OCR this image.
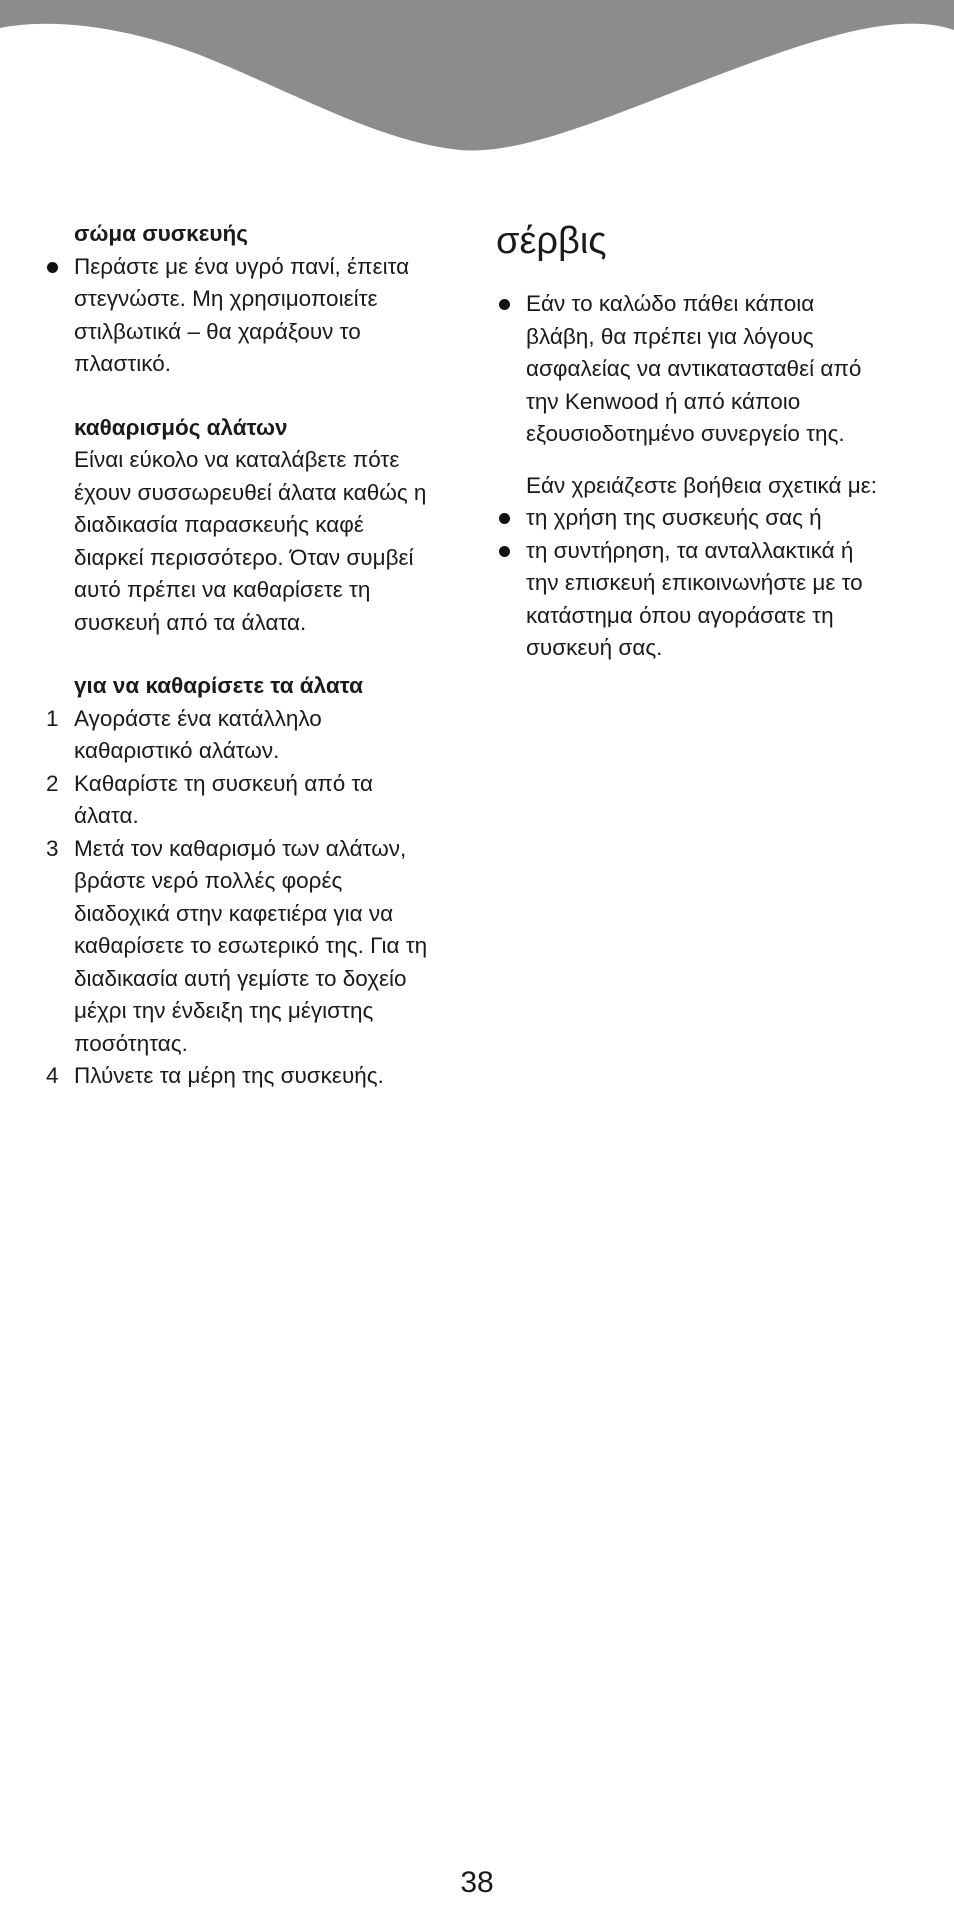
σώμα συσκευής
Περάστε με ένα υγρό πανί, έπειτα
στεγνώστε. Μη χρησιμοποιείτε
στιλβωτικά – θα χαράξουν το
πλαστικό.
καθαρισμός αλάτων
Είναι εύκολο να καταλάβετε πότε
έχουν συσσωρευθεί άλατα καθώς η
διαδικασία παρασκευής καφέ
διαρκεί περισσότερο. Όταν συμβεί
αυτό πρέπει να καθαρίσετε τη
συσκευή από τα άλατα.
για να καθαρίσετε τα άλατα
1 Αγοράστε ένα κατάλληλο
καθαριστικό αλάτων.
2 Καθαρίστε τη συσκευή από τα
άλατα.
3 Μετά τον καθαρισμό των αλάτων,
βράστε νερό πολλές φορές
διαδοχικά στην καφετιέρα για να
καθαρίσετε το εσωτερικό της. Για τη
διαδικασία αυτή γεμίστε το δοχείο
μέχρι την ένδειξη της μέγιστης
ποσότητας.
4 Πλύνετε τα μέρη της συσκευής.
σέρβις
Εάν το καλώδο πάθει κάποια
βλάβη, θα πρέπει για λόγους
ασφαλείας να αντικατασταθεί από
την Kenwood ή από κάποιο
εξουσιοδοτημένο συνεργείο της.
Εάν χρειάζεστε βοήθεια σχετικά με:
τη χρήση της συσκευής σας ή
τη συντήρηση, τα ανταλλακτικά ή
την επισκευή επικοινωνήστε με το
κατάστημα όπου αγοράσατε τη
συσκευή σας.
38
